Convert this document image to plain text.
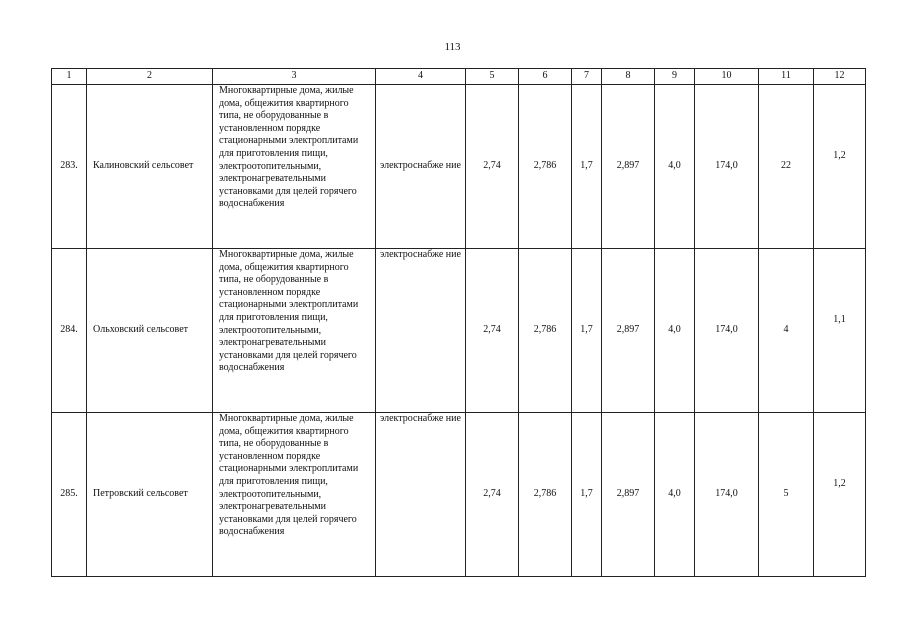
113
1	2	3	4	5	6	7	8	9	10	11	12
283.	Калиновский сельсовет	Многоквартирные дома, жилые дома, общежития квартирного типа, не оборудованные в установленном порядке стационарными электроплитами для приготовления пищи, электроотопительными, электронагревательными установками для целей горячего водоснабжения	электроснабже ние	2,74	2,786	1,7	2,897	4,0	174,0	22	1,2
284.	Ольховский сельсовет	Многоквартирные дома, жилые дома, общежития квартирного типа, не оборудованные в установленном порядке стационарными электроплитами для приготовления пищи, электроотопительными, электронагревательными установками для целей горячего водоснабжения	электроснабже ние	2,74	2,786	1,7	2,897	4,0	174,0	4	1,1
285.	Петровский сельсовет	Многоквартирные дома, жилые дома, общежития квартирного типа, не оборудованные в установленном порядке стационарными электроплитами для приготовления пищи, электроотопительными, электронагревательными установками для целей горячего водоснабжения	электроснабже ние	2,74	2,786	1,7	2,897	4,0	174,0	5	1,2
